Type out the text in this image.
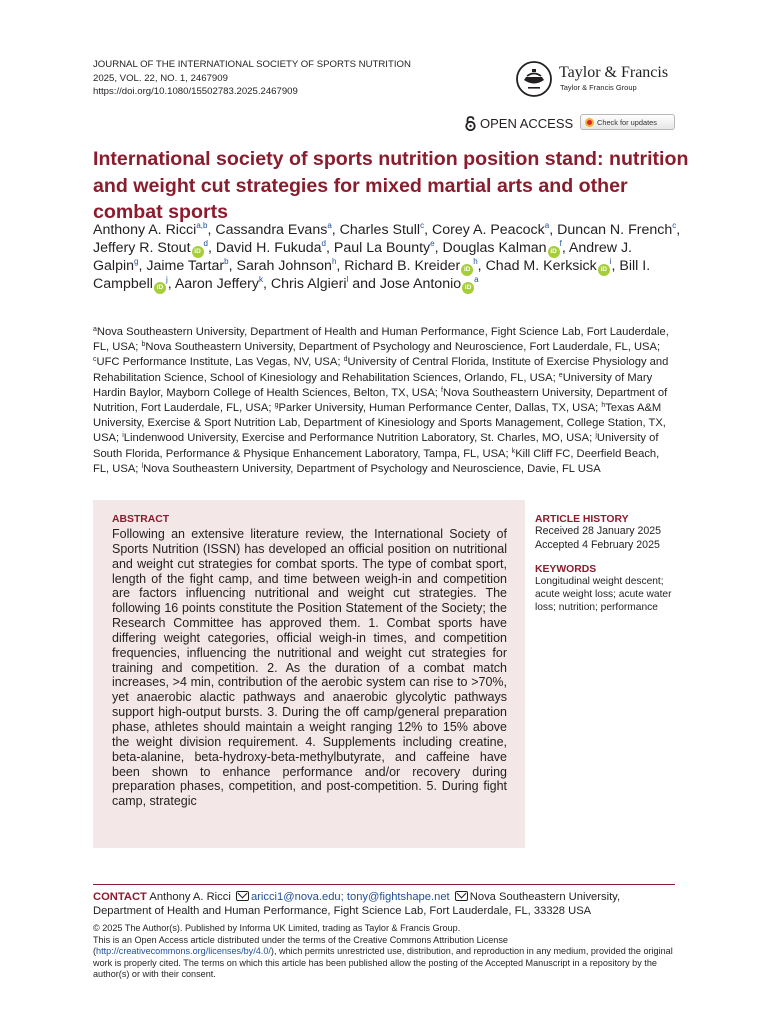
JOURNAL OF THE INTERNATIONAL SOCIETY OF SPORTS NUTRITION
2025, VOL. 22, NO. 1, 2467909
https://doi.org/10.1080/15502783.2025.2467909
Taylor & Francis
Taylor & Francis Group
OPEN ACCESS	Check for updates
International society of sports nutrition position stand: nutrition and weight cut strategies for mixed martial arts and other combat sports
Anthony A. Ricci$^{a,b}$, Cassandra Evans$^a$, Charles Stull$^c$, Corey A. Peacock$^a$, Duncan N. French$^c$, Jeffery R. Stout $iD^d$, David H. Fukuda$^d$, Paul La Bounty$^e$, Douglas Kalman $iD^f$, Andrew J. Galpin$^g$, Jaime Tartar$^b$, Sarah Johnson$^h$, Richard B. Kreider $iD^h$, Chad M. Kerksick $iD^i$, Bill I. Campbell $iD^j$, Aaron Jeffery$^k$, Chris Algieri$^l$ and Jose Antonio $iD^a$
$^a$Nova Southeastern University, Department of Health and Human Performance, Fight Science Lab, Fort Lauderdale, FL, USA; $^b$Nova Southeastern University, Department of Psychology and Neuroscience, Fort Lauderdale, FL, USA; $^c$UFC Performance Institute, Las Vegas, NV, USA; $^d$University of Central Florida, Institute of Exercise Physiology and Rehabilitation Science, School of Kinesiology and Rehabilitation Sciences, Orlando, FL, USA; $^e$University of Mary Hardin Baylor, Mayborn College of Health Sciences, Belton, TX, USA; $^f$Nova Southeastern University, Department of Nutrition, Fort Lauderdale, FL, USA; $^g$Parker University, Human Performance Center, Dallas, TX, USA; $^h$Texas A&M University, Exercise & Sport Nutrition Lab, Department of Kinesiology and Sports Management, College Station, TX, USA; $^i$Lindenwood University, Exercise and Performance Nutrition Laboratory, St. Charles, MO, USA; $^j$University of South Florida, Performance & Physique Enhancement Laboratory, Tampa, FL, USA; $^k$Kill Cliff FC, Deerfield Beach, FL, USA; $^l$Nova Southeastern University, Department of Psychology and Neuroscience, Davie, FL USA
ABSTRACT
Following an extensive literature review, the International Society of Sports Nutrition (ISSN) has developed an official position on nutritional and weight cut strategies for combat sports. The type of combat sport, length of the fight camp, and time between weigh-in and competition are factors influencing nutritional and weight cut strategies. The following 16 points constitute the Position Statement of the Society; the Research Committee has approved them. 1. Combat sports have differing weight categories, official weigh-in times, and competition frequencies, influencing the nutritional and weight cut strategies for training and competition. 2. As the duration of a combat match increases, >4 min, contribution of the aerobic system can rise to >70%, yet anaerobic alactic pathways and anaerobic glycolytic pathways support high-output bursts. 3. During the off camp/general preparation phase, athletes should maintain a weight ranging 12% to 15% above the weight division requirement. 4. Supplements including creatine, beta-alanine, beta-hydroxy-beta-methylbutyrate, and caffeine have been shown to enhance performance and/or recovery during preparation phases, competition, and post-competition. 5. During fight camp, strategic
ARTICLE HISTORY
Received 28 January 2025
Accepted 4 February 2025
KEYWORDS
Longitudinal weight descent; acute weight loss; acute water loss; nutrition; performance
CONTACT Anthony A. Ricci aricci1@nova.edu; tony@fightshape.net Nova Southeastern University, Department of Health and Human Performance, Fight Science Lab, Fort Lauderdale, FL, 33328 USA
© 2025 The Author(s). Published by Informa UK Limited, trading as Taylor & Francis Group.
This is an Open Access article distributed under the terms of the Creative Commons Attribution License (http://creativecommons.org/licenses/by/4.0/), which permits unrestricted use, distribution, and reproduction in any medium, provided the original work is properly cited. The terms on which this article has been published allow the posting of the Accepted Manuscript in a repository by the author(s) or with their consent.
